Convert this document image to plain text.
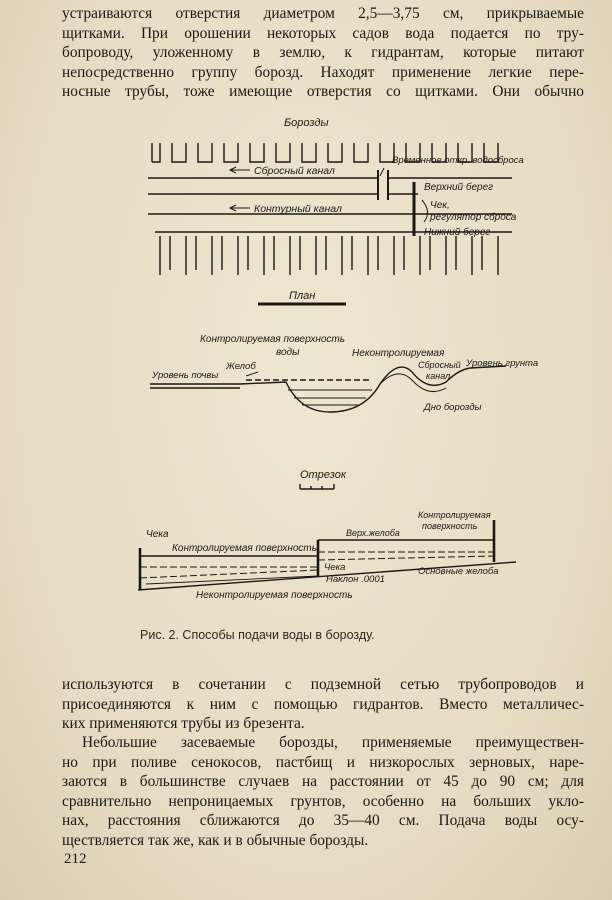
устраиваются отверстия диаметром 2,5—3,75 см, прикрываемые
щитками. При орошении некоторых садов вода подается по тру-
бопроводу, уложенному в землю, к гидрантам, которые питают
непосредственно группу борозд. Находят применение легкие пере-
носные трубы, тоже имеющие отверстия со щитками. Они обычно
Борозды
Сбросный канал
Временное откр. водосброса
Верхний берег
Чек,
регулятор сброса
Контурный канал
Нижний берег
План
Контролируемая поверхность
воды	Неконтролируемая
Уровень почвы
Желоб	Сбросный
канал
Уровень грунта
Дно борозды
Отрезок
Чека
Контролируемая поверхность
Верх.желоба
Контролируемая
поверхность
Чека
Наклон .0001
Основные желоба
Неконтролируемая поверхность
Рис. 2. Способы подачи воды в борозду.
используются в сочетании с подземной сетью трубопроводов и
присоединяются к ним с помощью гидрантов. Вместо металличес-
ких применяются трубы из брезента.
Небольшие засеваемые борозды, применяемые преимуществен-
но при поливе сенокосов, пастбищ и низкорослых зерновых, наре-
заются в большинстве случаев на расстоянии от 45 до 90 см; для
сравнительно непроницаемых грунтов, особенно на больших укло-
нах, расстояния сближаются до 35—40 см. Подача воды осу-
ществляется так же, как и в обычные борозды.
212
